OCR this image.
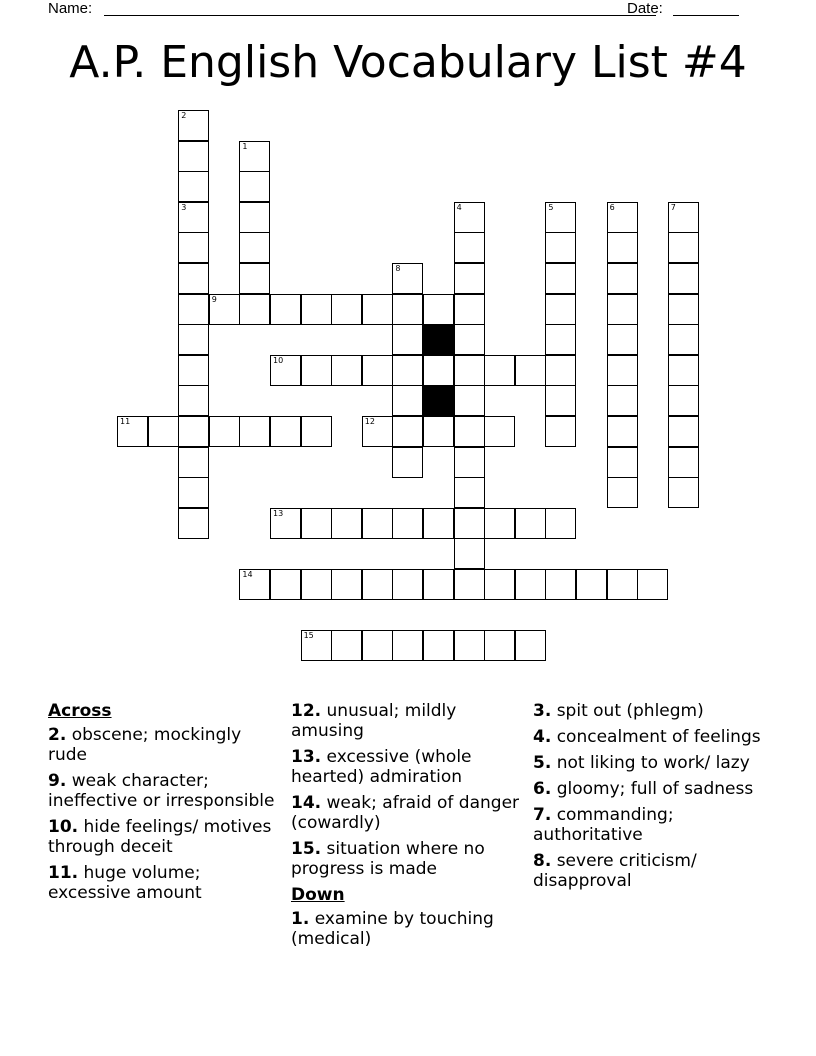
Name:	Date:
A.P. English Vocabulary List #4
1
2
3	4	5	6	7
8
9
10
11	12
13
14
15
Across
2. obscene; mockingly rude
9. weak character; ineffective or irresponsible
10. hide feelings/ motives through deceit
11. huge volume; excessive amount
12. unusual; mildly amusing
13. excessive (whole hearted) admiration
14. weak; afraid of danger (cowardly)
15. situation where no progress is made
Down
1. examine by touching (medical)
3. spit out (phlegm)
4. concealment of feelings
5. not liking to work/ lazy
6. gloomy; full of sadness
7. commanding; authoritative
8. severe criticism/ disapproval
